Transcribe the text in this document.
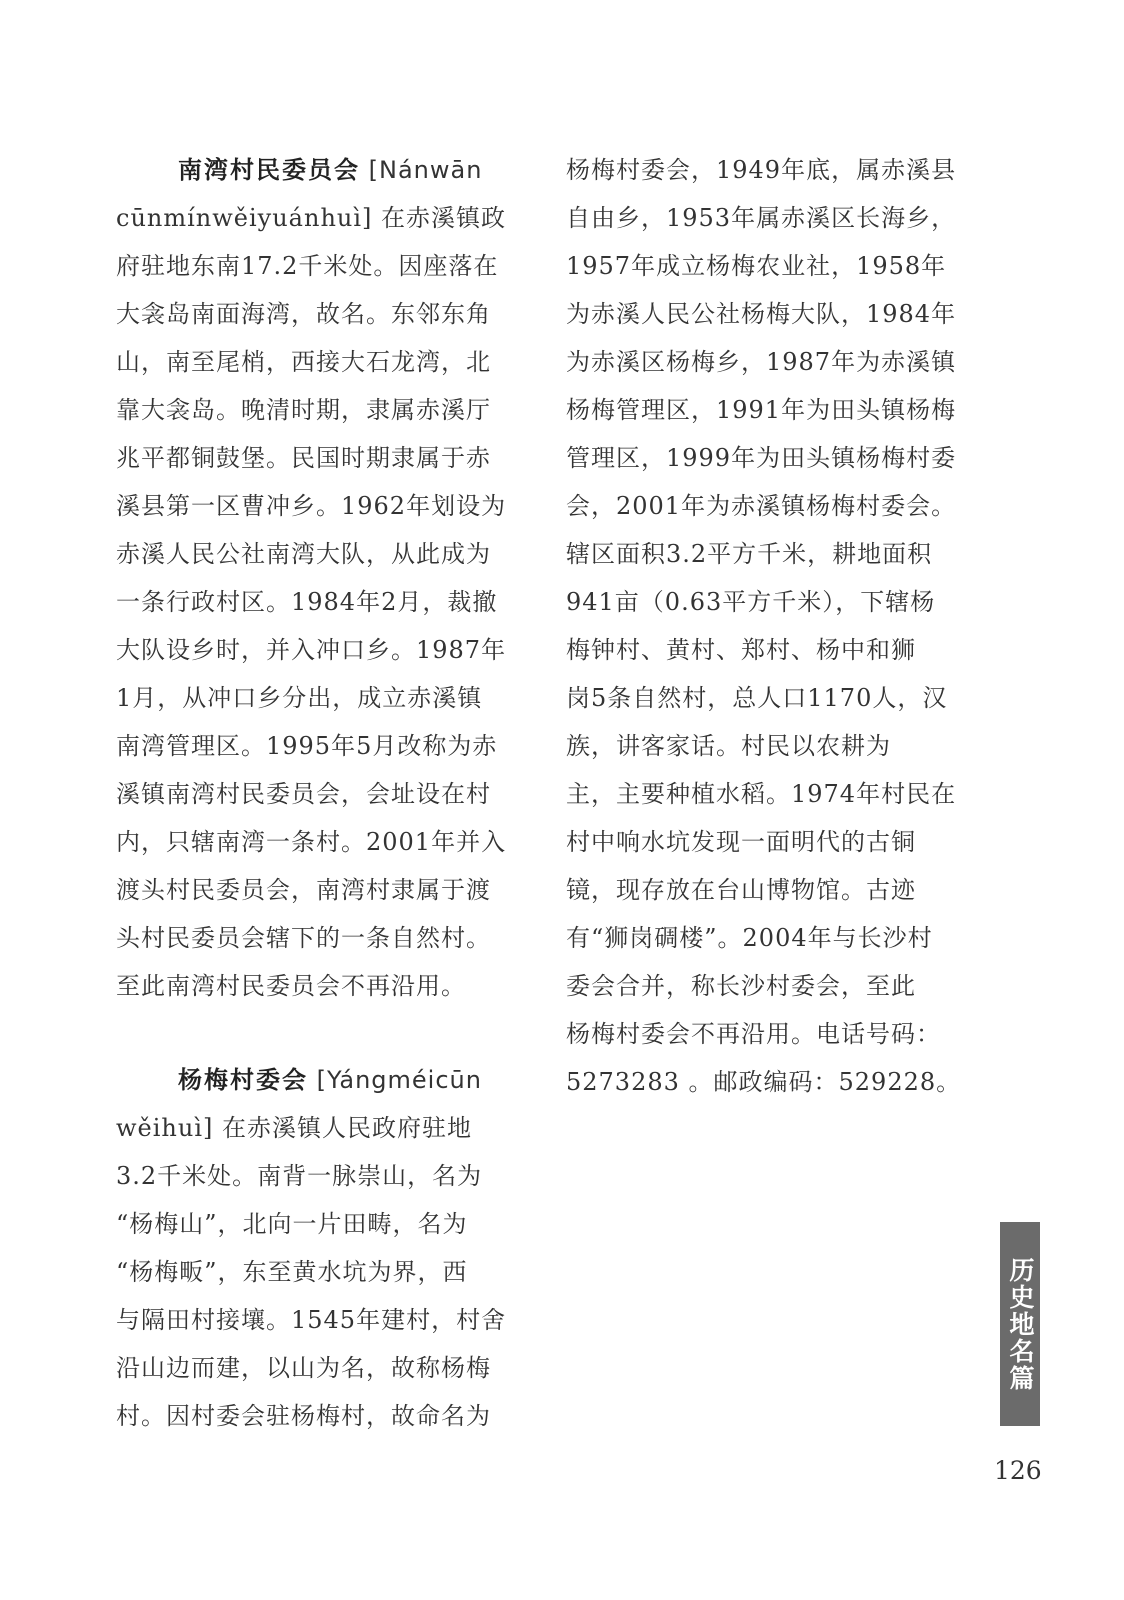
南湾村民委员会 [Nánwān
cūnmínwěiyuánhuì] 在赤溪镇政
府驻地东南17.2千米处。因座落在
大衾岛南面海湾，故名。东邻东角
山，南至尾梢，西接大石龙湾，北
靠大衾岛。晚清时期，隶属赤溪厅
兆平都铜鼓堡。民国时期隶属于赤
溪县第一区曹冲乡。1962年划设为
赤溪人民公社南湾大队，从此成为
一条行政村区。1984年2月，裁撤
大队设乡时，并入冲口乡。1987年
1月，从冲口乡分出，成立赤溪镇
南湾管理区。1995年5月改称为赤
溪镇南湾村民委员会，会址设在村
内，只辖南湾一条村。2001年并入
渡头村民委员会，南湾村隶属于渡
头村民委员会辖下的一条自然村。
至此南湾村民委员会不再沿用。
杨梅村委会 [Yángméicūn
wěihuì] 在赤溪镇人民政府驻地
3.2千米处。南背一脉崇山，名为
“杨梅山”，北向一片田畴，名为
“杨梅畈”，东至黄水坑为界，西
与隔田村接壤。1545年建村，村舍
沿山边而建，以山为名，故称杨梅
村。因村委会驻杨梅村，故命名为
杨梅村委会，1949年底，属赤溪县
自由乡，1953年属赤溪区长海乡，
1957年成立杨梅农业社，1958年
为赤溪人民公社杨梅大队，1984年
为赤溪区杨梅乡，1987年为赤溪镇
杨梅管理区，1991年为田头镇杨梅
管理区，1999年为田头镇杨梅村委
会，2001年为赤溪镇杨梅村委会。
辖区面积3.2平方千米，耕地面积
941亩（0.63平方千米），下辖杨
梅钟村、黄村、郑村、杨中和狮
岗5条自然村，总人口1170人，汉
族，讲客家话。村民以农耕为
主，主要种植水稻。1974年村民在
村中响水坑发现一面明代的古铜
镜，现存放在台山博物馆。古迹
有“狮岗碉楼”。2004年与长沙村
委会合并，称长沙村委会，至此
杨梅村委会不再沿用。电话号码：
5273283 。邮政编码：529228。
历史地名篇
126
